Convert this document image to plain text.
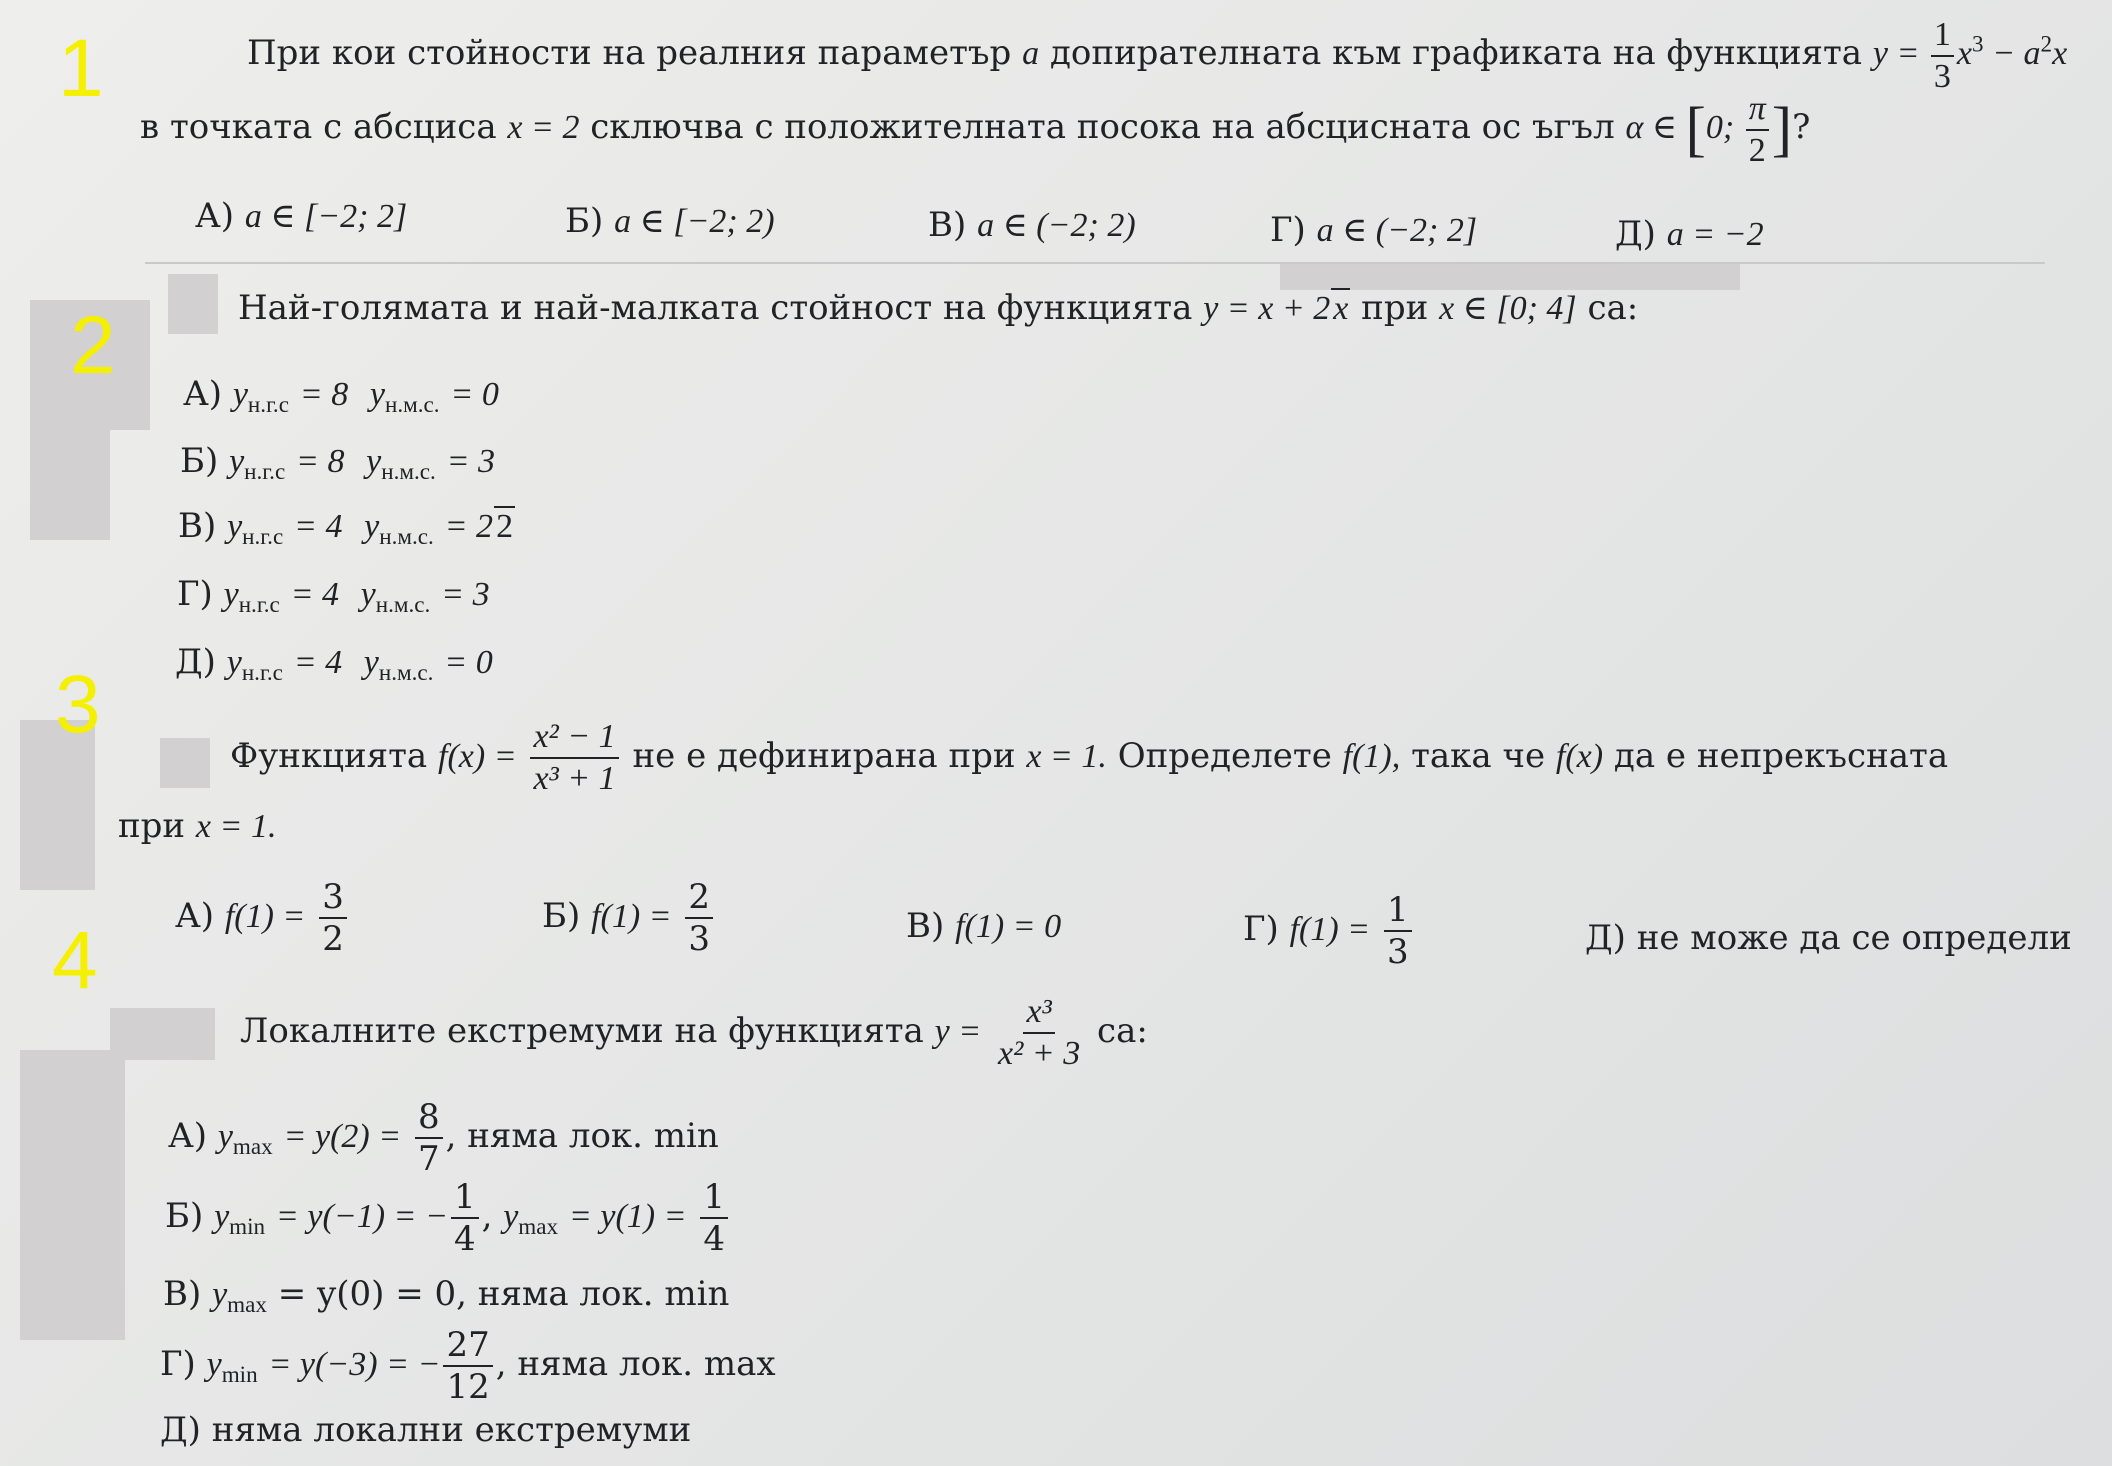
1
2
3
4
При кои стойности на реалния параметър a допирателната към графиката на функцията $y = \frac{1}{3} x^3 - a^2x$
в точката с абсциса x = 2 сключва с положителната посока на абсцисната ос ъгъл α ∈ [0; $\frac{\pi}{2}$ ]?
А) a ∈ [−2; 2]	Б) a ∈ [−2; 2)	В) a ∈ (−2; 2)	Г) a ∈ (−2; 2]	Д) a = −2
Най-голямата и най-малката стойност на функцията y = x + 2x при x ∈ [0; 4] са:
А) $y_{н.г.с} = 8$ $y_{н.м.с.} = 0$
Б) $y_{н.г.с} = 8$ $y_{н.м.с.} = 3$
В) $y_{н.г.с} = 4$ $y_{н.м.с.} = 22$
Г) $y_{н.г.с} = 4$ $y_{н.м.с.} = 3$
Д) $y_{н.г.с} = 4$ $y_{н.м.с.} = 0$
Функцията $f(x) = \frac{\text{x² − 1}}{\text{x³ + 1}}$ не е дефинирана при x = 1. Определете f(1), така че f(x) да е непрекъсната
при x = 1.
А) $f(1) = \frac{3}{2}$	Б) $f(1) = \frac{2}{3}$	В) f(1) = 0	Г) $f(1) = \frac{1}{3}$	Д) не може да се определи
Локалните екстремуми на функцията $y = \frac{\text{x³}}{\text{x² + 3}}$ са:
А) $y_{max} = y(2) = \frac{8}{7}$ , няма лок. min
Б) $y_{min} = y(-1)$ = − $\frac{1}{4}$ , $y_{max} = y(1) = \frac{1}{4}$
В) $y_{max} = y(0) = 0$, няма лок. min
Г) $y_{min} = y(-3)$ = − $\frac{27}{12}$ , няма лок. max
Д) няма локални екстремуми
